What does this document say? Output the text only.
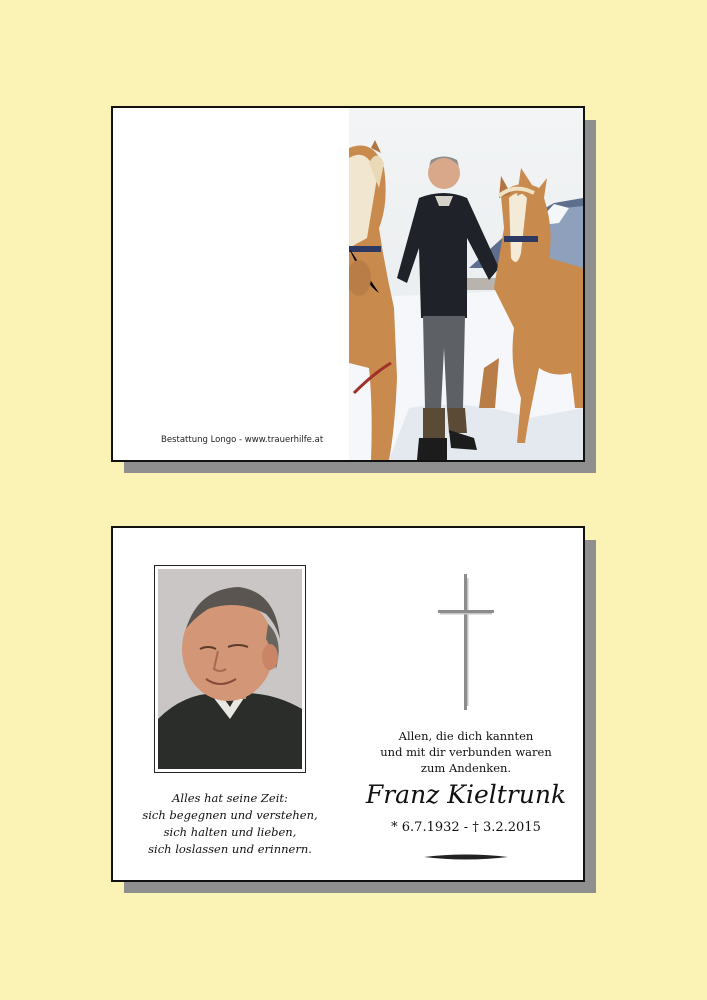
Bestattung Longo - www.trauerhilfe.at
Alles hat seine Zeit:
sich begegnen und verstehen,
sich halten und lieben,
sich loslassen und erinnern.
Allen, die dich kannten
und mit dir verbunden waren
zum Andenken.
Franz Kieltrunk
* 6.7.1932 - † 3.2.2015
